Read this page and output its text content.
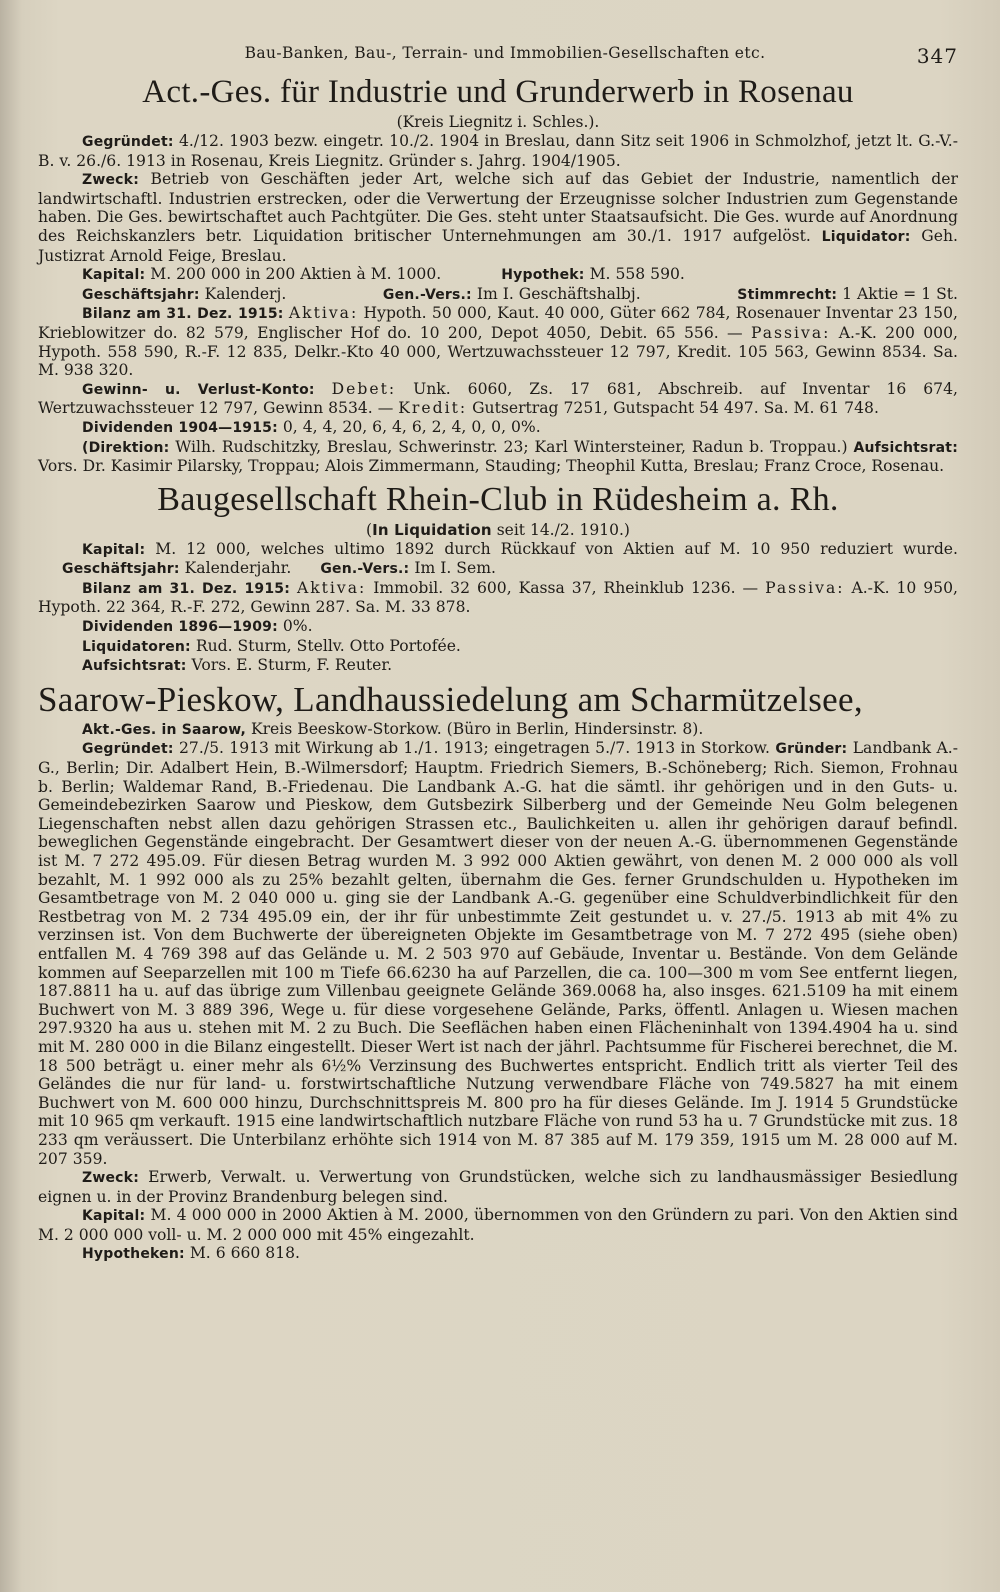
Bau-Banken, Bau-, Terrain- und Immobilien-Gesellschaften etc.	347
Act.-Ges. für Industrie und Grunderwerb in Rosenau
(Kreis Liegnitz i. Schles.).

Gegründet: 4./12. 1903 bezw. eingetr. 10./2. 1904 in Breslau, dann Sitz seit 1906 in Schmolzhof, jetzt lt. G.-V.-B. v. 26./6. 1913 in Rosenau, Kreis Liegnitz. Gründer s. Jahrg. 1904/1905.

Zweck: Betrieb von Geschäften jeder Art, welche sich auf das Gebiet der Industrie, namentlich der landwirtschaftl. Industrien erstrecken, oder die Verwertung der Erzeugnisse solcher Industrien zum Gegenstande haben. Die Ges. bewirtschaftet auch Pachtgüter. Die Ges. steht unter Staatsaufsicht. Die Ges. wurde auf Anordnung des Reichskanzlers betr. Liquidation britischer Unternehmungen am 30./1. 1917 aufgelöst. Liquidator: Geh. Justizrat Arnold Feige, Breslau.

Kapital: M. 200 000 in 200 Aktien à M. 1000.	Hypothek: M. 558 590.
Geschäftsjahr: Kalenderj.	Gen.-Vers.: Im I. Geschäftshalbj.	Stimmrecht: 1 Aktie = 1 St.

Bilanz am 31. Dez. 1915: Aktiva: Hypoth. 50 000, Kaut. 40 000, Güter 662 784, Rosenauer Inventar 23 150, Krieblowitzer do. 82 579, Englischer Hof do. 10 200, Depot 4050, Debit. 65 556. — Passiva: A.-K. 200 000, Hypoth. 558 590, R.-F. 12 835, Delkr.-Kto 40 000, Wertzuwachssteuer 12 797, Kredit. 105 563, Gewinn 8534. Sa. M. 938 320.

Gewinn- u. Verlust-Konto: Debet: Unk. 6060, Zs. 17 681, Abschreib. auf Inventar 16 674, Wertzuwachssteuer 12 797, Gewinn 8534. — Kredit: Gutsertrag 7251, Gutspacht 54 497. Sa. M. 61 748.

Dividenden 1904—1915: 0, 4, 4, 20, 6, 4, 6, 2, 4, 0, 0, 0%.

(Direktion: Wilh. Rudschitzky, Breslau, Schwerinstr. 23; Karl Wintersteiner, Radun b. Troppau.) Aufsichtsrat: Vors. Dr. Kasimir Pilarsky, Troppau; Alois Zimmermann, Stauding; Theophil Kutta, Breslau; Franz Croce, Rosenau.

Baugesellschaft Rhein-Club in Rüdesheim a. Rh.
(In Liquidation seit 14./2. 1910.)

Kapital: M. 12 000, welches ultimo 1892 durch Rückkauf von Aktien auf M. 10 950 reduziert wurde. Geschäftsjahr: Kalenderjahr. Gen.-Vers.: Im I. Sem.

Bilanz am 31. Dez. 1915: Aktiva: Immobil. 32 600, Kassa 37, Rheinklub 1236. — Passiva: A.-K. 10 950, Hypoth. 22 364, R.-F. 272, Gewinn 287. Sa. M. 33 878.

Dividenden 1896—1909: 0%.

Liquidatoren: Rud. Sturm, Stellv. Otto Portofée.

Aufsichtsrat: Vors. E. Sturm, F. Reuter.

Saarow-Pieskow, Landhaussiedelung am Scharmützelsee,

Akt.-Ges. in Saarow, Kreis Beeskow-Storkow. (Büro in Berlin, Hindersinstr. 8).

Gegründet: 27./5. 1913 mit Wirkung ab 1./1. 1913; eingetragen 5./7. 1913 in Storkow. Gründer: Landbank A.-G., Berlin; Dir. Adalbert Hein, B.-Wilmersdorf; Hauptm. Friedrich Siemers, B.-Schöneberg; Rich. Siemon, Frohnau b. Berlin; Waldemar Rand, B.-Friedenau. Die Landbank A.-G. hat die sämtl. ihr gehörigen und in den Guts- u. Gemeindebezirken Saarow und Pieskow, dem Gutsbezirk Silberberg und der Gemeinde Neu Golm belegenen Liegenschaften nebst allen dazu gehörigen Strassen etc., Baulichkeiten u. allen ihr gehörigen darauf befindl. beweglichen Gegenstände eingebracht. Der Gesamtwert dieser von der neuen A.-G. übernommenen Gegenstände ist M. 7 272 495.09. Für diesen Betrag wurden M. 3 992 000 Aktien gewährt, von denen M. 2 000 000 als voll bezahlt, M. 1 992 000 als zu 25% bezahlt gelten, übernahm die Ges. ferner Grundschulden u. Hypotheken im Gesamtbetrage von M. 2 040 000 u. ging sie der Landbank A.-G. gegenüber eine Schuldverbindlichkeit für den Restbetrag von M. 2 734 495.09 ein, der ihr für unbestimmte Zeit gestundet u. v. 27./5. 1913 ab mit 4% zu verzinsen ist. Von dem Buchwerte der übereigneten Objekte im Gesamtbetrage von M. 7 272 495 (siehe oben) entfallen M. 4 769 398 auf das Gelände u. M. 2 503 970 auf Gebäude, Inventar u. Bestände. Von dem Gelände kommen auf Seeparzellen mit 100 m Tiefe 66.6230 ha auf Parzellen, die ca. 100—300 m vom See entfernt liegen, 187.8811 ha u. auf das übrige zum Villenbau geeignete Gelände 369.0068 ha, also insges. 621.5109 ha mit einem Buchwert von M. 3 889 396, Wege u. für diese vorgesehene Gelände, Parks, öffentl. Anlagen u. Wiesen machen 297.9320 ha aus u. stehen mit M. 2 zu Buch. Die Seeflächen haben einen Flächeninhalt von 1394.4904 ha u. sind mit M. 280 000 in die Bilanz eingestellt. Dieser Wert ist nach der jährl. Pachtsumme für Fischerei berechnet, die M. 18 500 beträgt u. einer mehr als 6½% Verzinsung des Buchwertes entspricht. Endlich tritt als vierter Teil des Geländes die nur für land- u. forstwirtschaftliche Nutzung verwendbare Fläche von 749.5827 ha mit einem Buchwert von M. 600 000 hinzu, Durchschnittspreis M. 800 pro ha für dieses Gelände. Im J. 1914 5 Grundstücke mit 10 965 qm verkauft. 1915 eine landwirtschaftlich nutzbare Fläche von rund 53 ha u. 7 Grundstücke mit zus. 18 233 qm veräussert. Die Unterbilanz erhöhte sich 1914 von M. 87 385 auf M. 179 359, 1915 um M. 28 000 auf M. 207 359.

Zweck: Erwerb, Verwalt. u. Verwertung von Grundstücken, welche sich zu landhausmässiger Besiedlung eignen u. in der Provinz Brandenburg belegen sind.

Kapital: M. 4 000 000 in 2000 Aktien à M. 2000, übernommen von den Gründern zu pari. Von den Aktien sind M. 2 000 000 voll- u. M. 2 000 000 mit 45% eingezahlt.

Hypotheken: M. 6 660 818.
